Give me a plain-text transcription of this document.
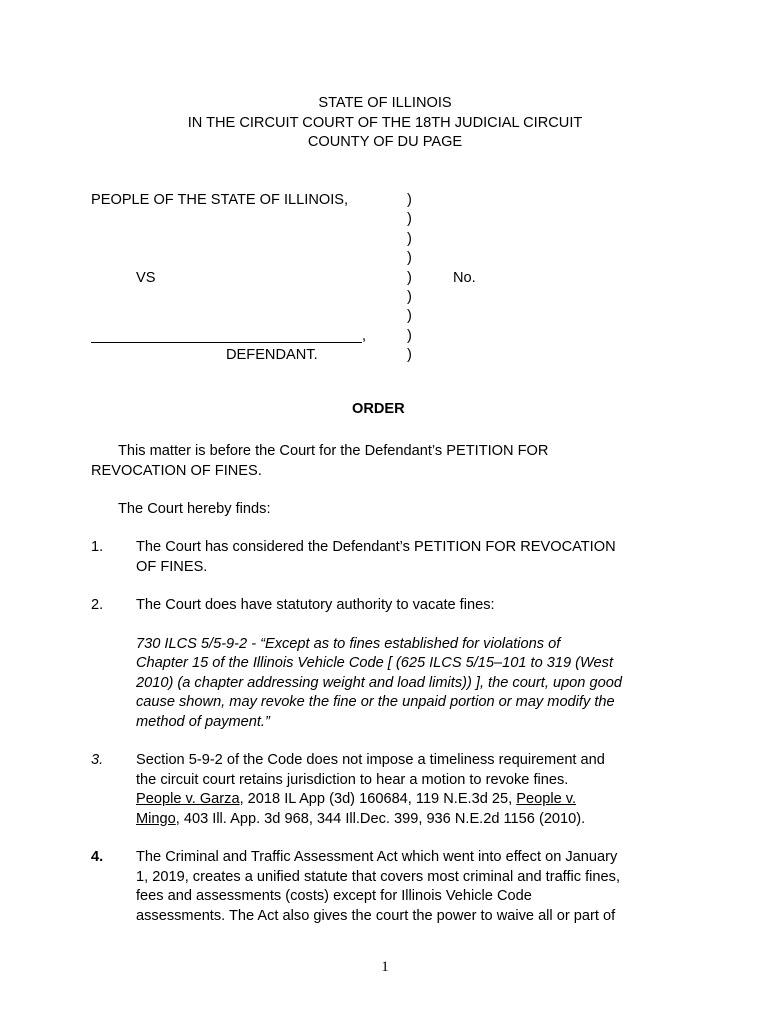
STATE OF ILLINOIS
IN THE CIRCUIT COURT OF THE 18TH JUDICIAL CIRCUIT
COUNTY OF DU PAGE
PEOPLE OF THE STATE OF ILLINOIS,
VS	No.
,
DEFENDANT.
)
)
)
)
)
)
)
)
)
ORDER
This matter is before the Court for the Defendant’s PETITION FOR
REVOCATION OF FINES.
The Court hereby finds:
1. The Court has considered the Defendant’s PETITION FOR REVOCATION
OF FINES.
2. The Court does have statutory authority to vacate fines:
730 ILCS 5/5-9-2 - “Except as to fines established for violations of
Chapter 15 of the Illinois Vehicle Code [ (625 ILCS 5/15–101 to 319 (West
2010) (a chapter addressing weight and load limits)) ], the court, upon good
cause shown, may revoke the fine or the unpaid portion or may modify the
method of payment.”
3. Section 5-9-2 of the Code does not impose a timeliness requirement and
the circuit court retains jurisdiction to hear a motion to revoke fines.
People v. Garza, 2018 IL App (3d) 160684, 119 N.E.3d 25, People v.
Mingo, 403 Ill. App. 3d 968, 344 Ill.Dec. 399, 936 N.E.2d 1156 (2010).
4. The Criminal and Traffic Assessment Act which went into effect on January
1, 2019, creates a unified statute that covers most criminal and traffic fines,
fees and assessments (costs) except for Illinois Vehicle Code
assessments. The Act also gives the court the power to waive all or part of
1
